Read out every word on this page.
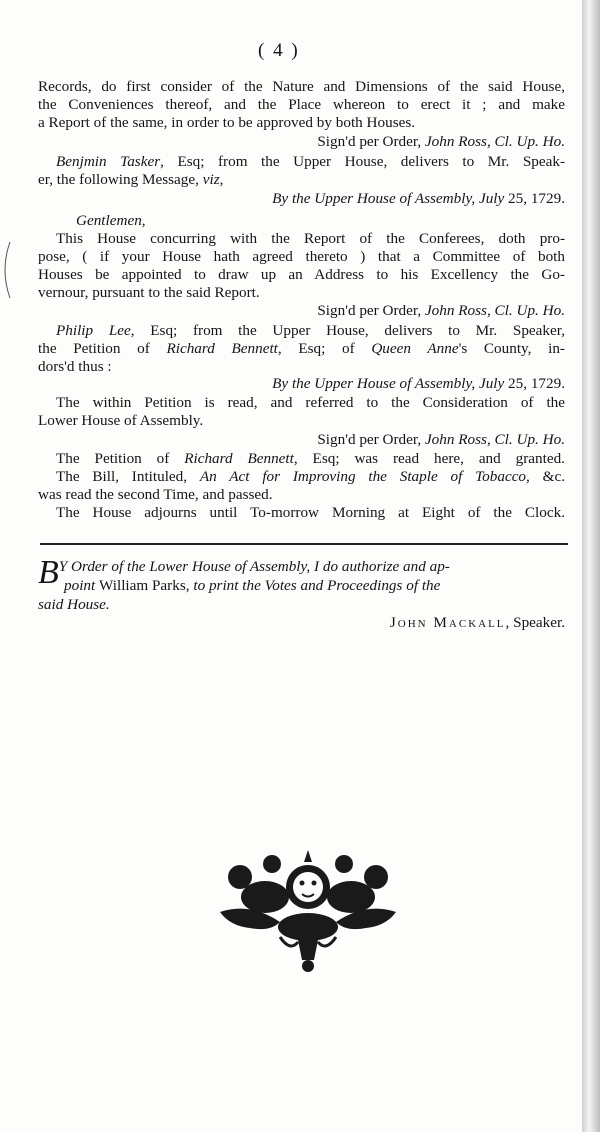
( 4 )
Records, do first consider of the Nature and Dimensions of the said House,
the Conveniences thereof, and the Place whereon to erect it ; and make
a Report of the same, in order to be approved by both Houses.
Sign'd per Order, John Ross, Cl. Up. Ho.
Benjmin Tasker, Esq; from the Upper House, delivers to Mr. Speak-
er, the following Message, viz,
By the Upper House of Assembly, July 25, 1729.
Gentlemen,
This House concurring with the Report of the Conferees, doth pro-
pose, ( if your House hath agreed thereto ) that a Committee of both
Houses be appointed to draw up an Address to his Excellency the Go-
vernour, pursuant to the said Report.
Sign'd per Order, John Ross, Cl. Up. Ho.
Philip Lee, Esq; from the Upper House, delivers to Mr. Speaker,
the Petition of Richard Bennett, Esq; of Queen Anne's County, in-
dors'd thus :
By the Upper House of Assembly, July 25, 1729.
The within Petition is read, and referred to the Consideration of the
Lower House of Assembly.
Sign'd per Order, John Ross, Cl. Up. Ho.
The Petition of Richard Bennett, Esq; was read here, and granted.
The Bill, Intituled, An Act for Improving the Staple of Tobacco, &c.
was read the second Time, and passed.
The House adjourns until To-morrow Morning at Eight of the Clock.
BY Order of the Lower House of Assembly, I do authorize and ap-
point William Parks, to print the Votes and Proceedings of the
said House.
John Mackall, Speaker.
